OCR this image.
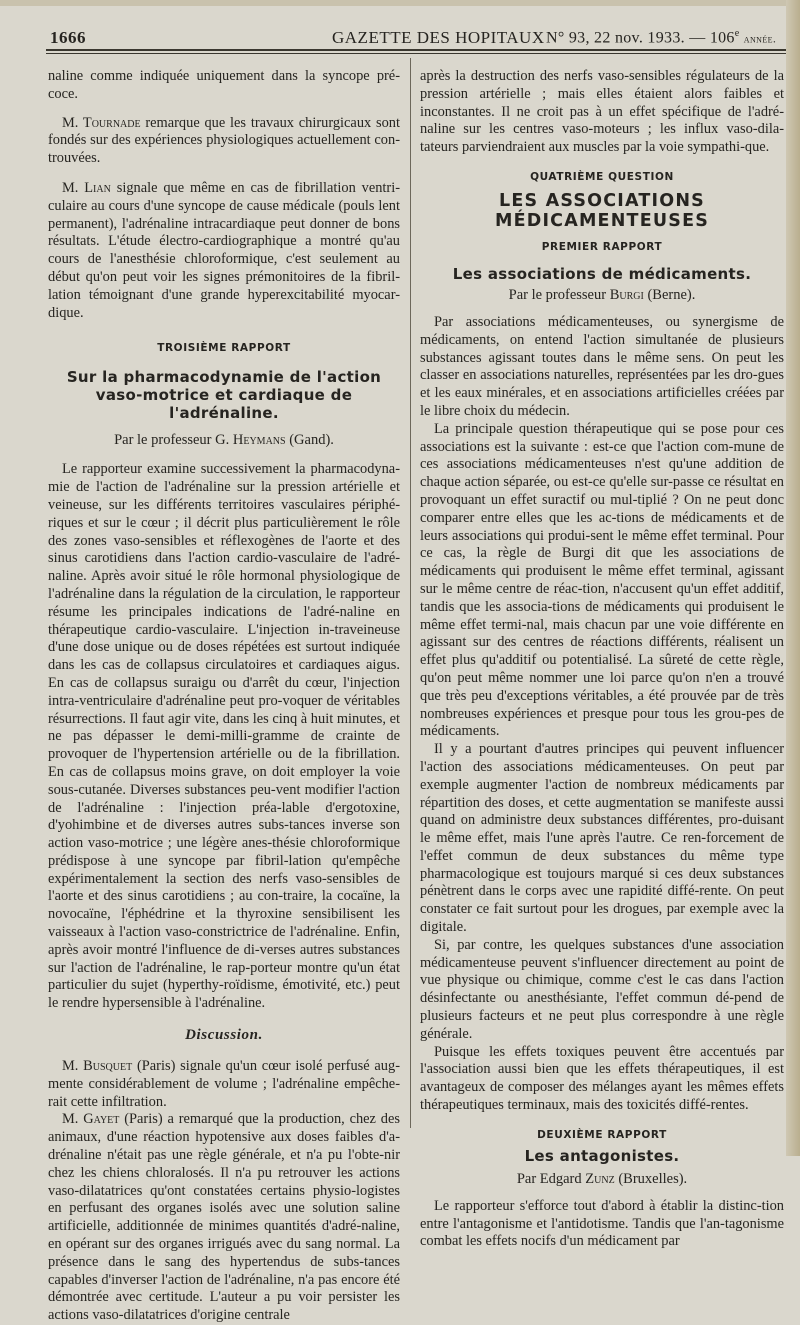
1666	GAZETTE DES HOPITAUX N° 93, 22 nov. 1933. — 106e année.

naline comme indiquée uniquement dans la syncope pré-coce.

M. Tournade remarque que les travaux chirurgicaux sont fondés sur des expériences physiologiques actuellement con-trouvées.

M. Lian signale que même en cas de fibrillation ventri-culaire au cours d'une syncope de cause médicale (pouls lent permanent), l'adrénaline intracardiaque peut donner de bons résultats. L'étude électro-cardiographique a montré qu'au cours de l'anesthésie chloroformique, c'est seulement au début qu'on peut voir les signes prémonitoires de la fibril-lation témoignant d'une grande hyperexcitabilité myocar-dique.

TROISIÈME RAPPORT

Sur la pharmacodynamie de l'action vaso-motrice et cardiaque de l'adrénaline.

Par le professeur G. Heymans (Gand).

Le rapporteur examine successivement la pharmacodyna-mie de l'action de l'adrénaline sur la pression artérielle et veineuse, sur les différents territoires vasculaires périphé-riques et sur le cœur ; il décrit plus particulièrement le rôle des zones vaso-sensibles et réflexogènes de l'aorte et des sinus carotidiens dans l'action cardio-vasculaire de l'adré-naline. Après avoir situé le rôle hormonal physiologique de l'adrénaline dans la régulation de la circulation, le rapporteur résume les principales indications de l'adré-naline en thérapeutique cardio-vasculaire. L'injection in-traveineuse d'une dose unique ou de doses répétées est surtout indiquée dans les cas de collapsus circulatoires et cardiaques aigus. En cas de collapsus suraigu ou d'arrêt du cœur, l'injection intra-ventriculaire d'adrénaline peut pro-voquer de véritables résurrections. Il faut agir vite, dans les cinq à huit minutes, et ne pas dépasser le demi-milli-gramme de crainte de provoquer de l'hypertension artérielle ou de la fibrillation. En cas de collapsus moins grave, on doit employer la voie sous-cutanée. Diverses substances peu-vent modifier l'action de l'adrénaline : l'injection préa-lable d'ergotoxine, d'yohimbine et de diverses autres subs-tances inverse son action vaso-motrice ; une légère anes-thésie chloroformique prédispose à une syncope par fibril-lation qu'empêche expérimentalement la section des nerfs vaso-sensibles de l'aorte et des sinus carotidiens ; au con-traire, la cocaïne, la novocaïne, l'éphédrine et la thyroxine sensibilisent les vaisseaux à l'action vaso-constrictrice de l'adrénaline. Enfin, après avoir montré l'influence de di-verses autres substances sur l'action de l'adrénaline, le rap-porteur montre qu'un état particulier du sujet (hyperthy-roïdisme, émotivité, etc.) peut le rendre hypersensible à l'adrénaline.

Discussion.

M. Busquet (Paris) signale qu'un cœur isolé perfusé aug-mente considérablement de volume ; l'adrénaline empêche-rait cette infiltration.

M. Gayet (Paris) a remarqué que la production, chez des animaux, d'une réaction hypotensive aux doses faibles d'a-drénaline n'était pas une règle générale, et n'a pu l'obte-nir chez les chiens chloralosés. Il n'a pu retrouver les actions vaso-dilatatrices qu'ont constatées certains physio-logistes en perfusant des organes isolés avec une solution saline artificielle, additionnée de minimes quantités d'adré-naline, en opérant sur des organes irrigués avec du sang normal. La présence dans le sang des hypertendus de subs-tances capables d'inverser l'action de l'adrénaline, n'a pas encore été démontrée avec certitude. L'auteur a pu voir persister les actions vaso-dilatatrices d'origine centrale

après la destruction des nerfs vaso-sensibles régulateurs de la pression artérielle ; mais elles étaient alors faibles et inconstantes. Il ne croit pas à un effet spécifique de l'adré-naline sur les centres vaso-moteurs ; les influx vaso-dila-tateurs parviendraient aux muscles par la voie sympathi-que.

QUATRIÈME QUESTION

LES ASSOCIATIONS MÉDICAMENTEUSES

PREMIER RAPPORT

Les associations de médicaments.

Par le professeur Burgi (Berne).

Par associations médicamenteuses, ou synergisme de médicaments, on entend l'action simultanée de plusieurs substances agissant toutes dans le même sens. On peut les classer en associations naturelles, représentées par les dro-gues et les eaux minérales, et en associations artificielles créées par le libre choix du médecin.

La principale question thérapeutique qui se pose pour ces associations est la suivante : est-ce que l'action com-mune de ces associations médicamenteuses n'est qu'une addition de chaque action séparée, ou est-ce qu'elle sur-passe ce résultat en provoquant un effet suractif ou mul-tiplié ? On ne peut donc comparer entre elles que les ac-tions de médicaments et de leurs associations qui produi-sent le même effet terminal. Pour ce cas, la règle de Burgi dit que les associations de médicaments qui produisent le même effet terminal, agissant sur le même centre de réac-tion, n'accusent qu'un effet additif, tandis que les associa-tions de médicaments qui produisent le même effet termi-nal, mais chacun par une voie différente en agissant sur des centres de réactions différents, réalisent un effet plus qu'additif ou potentialisé. La sûreté de cette règle, qu'on peut même nommer une loi parce qu'on n'en a trouvé que très peu d'exceptions véritables, a été prouvée par de très nombreuses expériences et presque pour tous les grou-pes de médicaments.

Il y a pourtant d'autres principes qui peuvent influencer l'action des associations médicamenteuses. On peut par exemple augmenter l'action de nombreux médicaments par répartition des doses, et cette augmentation se manifeste aussi quand on administre deux substances différentes, pro-duisant le même effet, mais l'une après l'autre. Ce ren-forcement de l'effet commun de deux substances du même type pharmacologique est toujours marqué si ces deux substances pénètrent dans le corps avec une rapidité diffé-rente. On peut constater ce fait surtout pour les drogues, par exemple avec la digitale.

Si, par contre, les quelques substances d'une association médicamenteuse peuvent s'influencer directement au point de vue physique ou chimique, comme c'est le cas dans l'action désinfectante ou anesthésiante, l'effet commun dé-pend de plusieurs facteurs et ne peut plus correspondre à une règle générale.

Puisque les effets toxiques peuvent être accentués par l'association aussi bien que les effets thérapeutiques, il est avantageux de composer des mélanges ayant les mêmes effets thérapeutiques terminaux, mais des toxicités diffé-rentes.

DEUXIÈME RAPPORT

Les antagonistes.

Par Edgard Zunz (Bruxelles).

Le rapporteur s'efforce tout d'abord à établir la distinc-tion entre l'antagonisme et l'antidotisme. Tandis que l'an-tagonisme combat les effets nocifs d'un médicament par
